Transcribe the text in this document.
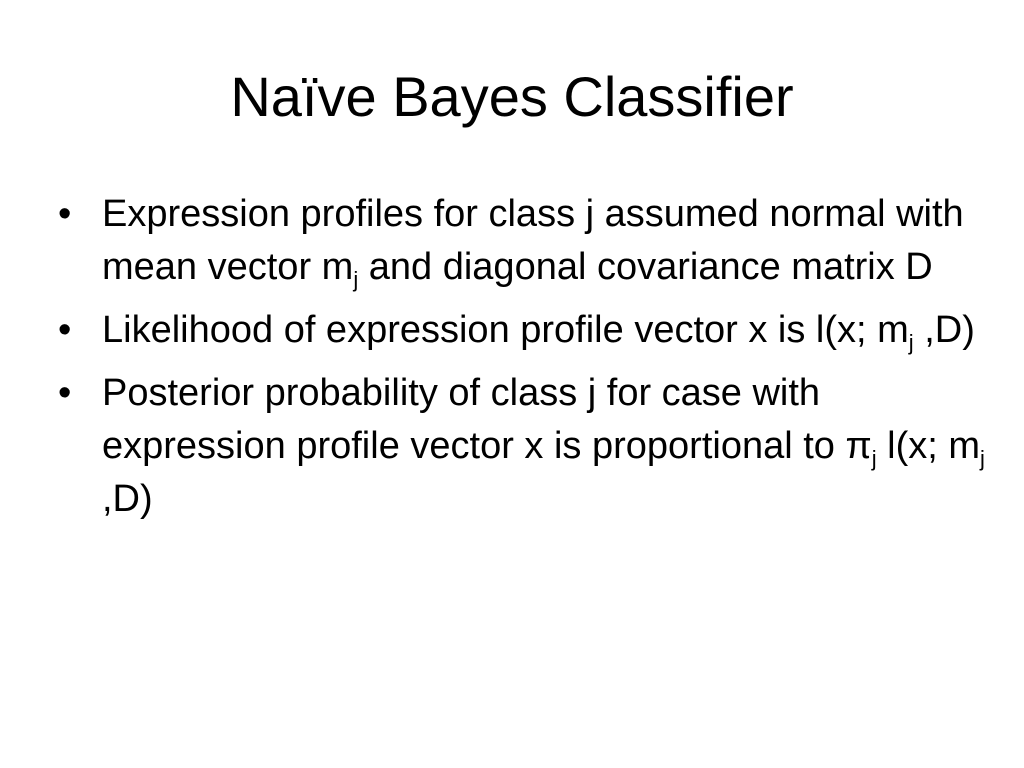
Naïve Bayes Classifier
• Expression profiles for class j assumed normal with mean vector $m_j$ and diagonal covariance matrix D
• Likelihood of expression profile vector x is l(x; $m_j$ ,D)
• Posterior probability of class j for case with expression profile vector x is proportional to $\pi_j$ l(x; $m_j$ ,D)
